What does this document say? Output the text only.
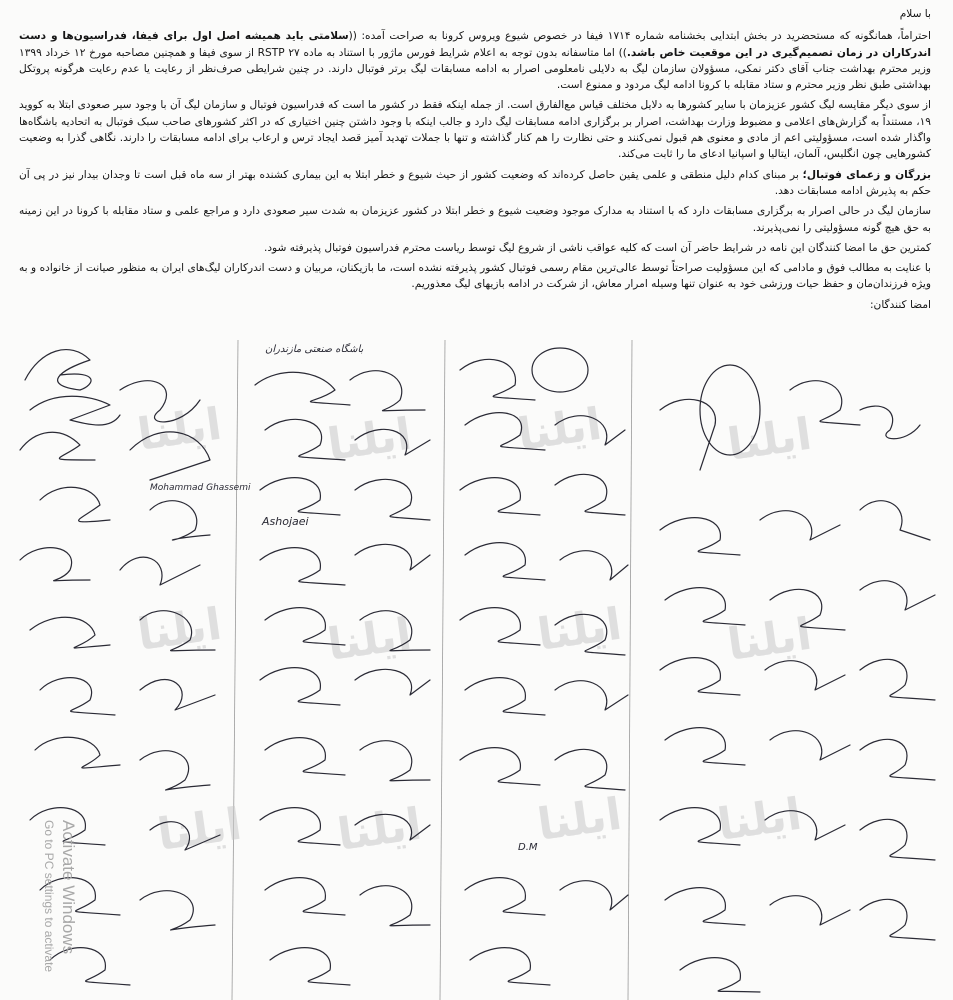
با سلام

احتراماً، همانگونه که مستحضرید در بخش ابتدایی بخشنامه شماره ۱۷۱۴ فیفا در خصوص شیوع ویروس کرونا به صراحت آمده: ((سلامتی باید همیشه اصل اول برای فیفا، فدراسیون‌ها و دست اندرکاران در زمان تصمیم‌گیری در این موقعیت خاص باشد.)) اما متاسفانه بدون توجه به اعلام شرایط فورس ماژور با استناد به ماده ۲۷ RSTP از سوی فیفا و همچنین مصاحبه مورخ ۱۲ خرداد ۱۳۹۹ وزیر محترم بهداشت جناب آقای دکتر نمکی، مسؤولان سازمان لیگ به دلایلی نامعلومی اصرار به ادامه مسابقات لیگ برتر فوتبال دارند. در چنین شرایطی صرف‌نظر از رعایت یا عدم رعایت هرگونه پروتکل بهداشتی طبق نظر وزیر محترم و ستاد مقابله با کرونا ادامه لیگ مردود و ممنوع است.

از سوی دیگر مقایسه لیگ کشور عزیزمان با سایر کشورها به دلایل مختلف قیاس مع‌الفارق است. از جمله اینکه فقط در کشور ما است که فدراسیون فوتبال و سازمان لیگ آن با وجود سیر صعودی ابتلا به کووید ۱۹، مستنداً به گزارش‌های اعلامی و مضبوط وزارت بهداشت، اصرار بر برگزاری ادامه مسابقات لیگ دارد و جالب اینکه با وجود داشتن چنین اختیاری که در اکثر کشورهای صاحب سبک فوتبال به اتحادیه باشگاه‌ها واگذار شده است، مسؤولیتی اعم از مادی و معنوی هم قبول نمی‌کنند و حتی نظارت را هم کنار گذاشته و تنها با جملات تهدید آمیز قصد ایجاد ترس و ارعاب برای ادامه مسابقات را دارند. نگاهی گذرا به وضعیت کشورهایی چون انگلیس، آلمان، ایتالیا و اسپانیا ادعای ما را ثابت می‌کند.

بزرگان و زعمای فوتبال؛ بر مبنای کدام دلیل منطقی و علمی یقین حاصل کرده‌اند که وضعیت کشور از حیث شیوع و خطر ابتلا به این بیماری کشنده بهتر از سه ماه قبل است تا وجدان بیدار نیز در پی آن حکم به پذیرش ادامه مسابقات دهد.

سازمان لیگ در حالی اصرار به برگزاری مسابقات دارد که با استناد به مدارک موجود وضعیت شیوع و خطر ابتلا در کشور عزیزمان به شدت سیر صعودی دارد و مراجع علمی و ستاد مقابله با کرونا در این زمینه به حق هیچ گونه مسؤولیتی را نمی‌پذیرند.

کمترین حق ما امضا کنندگان این نامه در شرایط حاضر آن است که کلیه عواقب ناشی از شروع لیگ توسط ریاست محترم فدراسیون فوتبال پذیرفته شود.

با عنایت به مطالب فوق و مادامی که این مسؤولیت صراحتاً توسط عالی‌ترین مقام رسمی فوتبال کشور پذیرفته نشده است، ما بازیکنان، مربیان و دست اندرکاران لیگ‌های ایران به منظور صیانت از خانواده و به ویژه فرزندان‌مان و حفظ حیات ورزشی خود به عنوان تنها وسیله امرار معاش، از شرکت در ادامه بازیهای لیگ معذوریم.

امضا کنندگان:

ایلنا ایلنا ایلنا	ایلنا
ایلنا ایلنا	ایلنا ایلنا
ایلنا ایلنا ایلنا ایلنا
Mohammad Ghassemi
باشگاه صنعتی مازندران
Ashojaei
D.M
Activate Windows
Go to PC settings to activate
